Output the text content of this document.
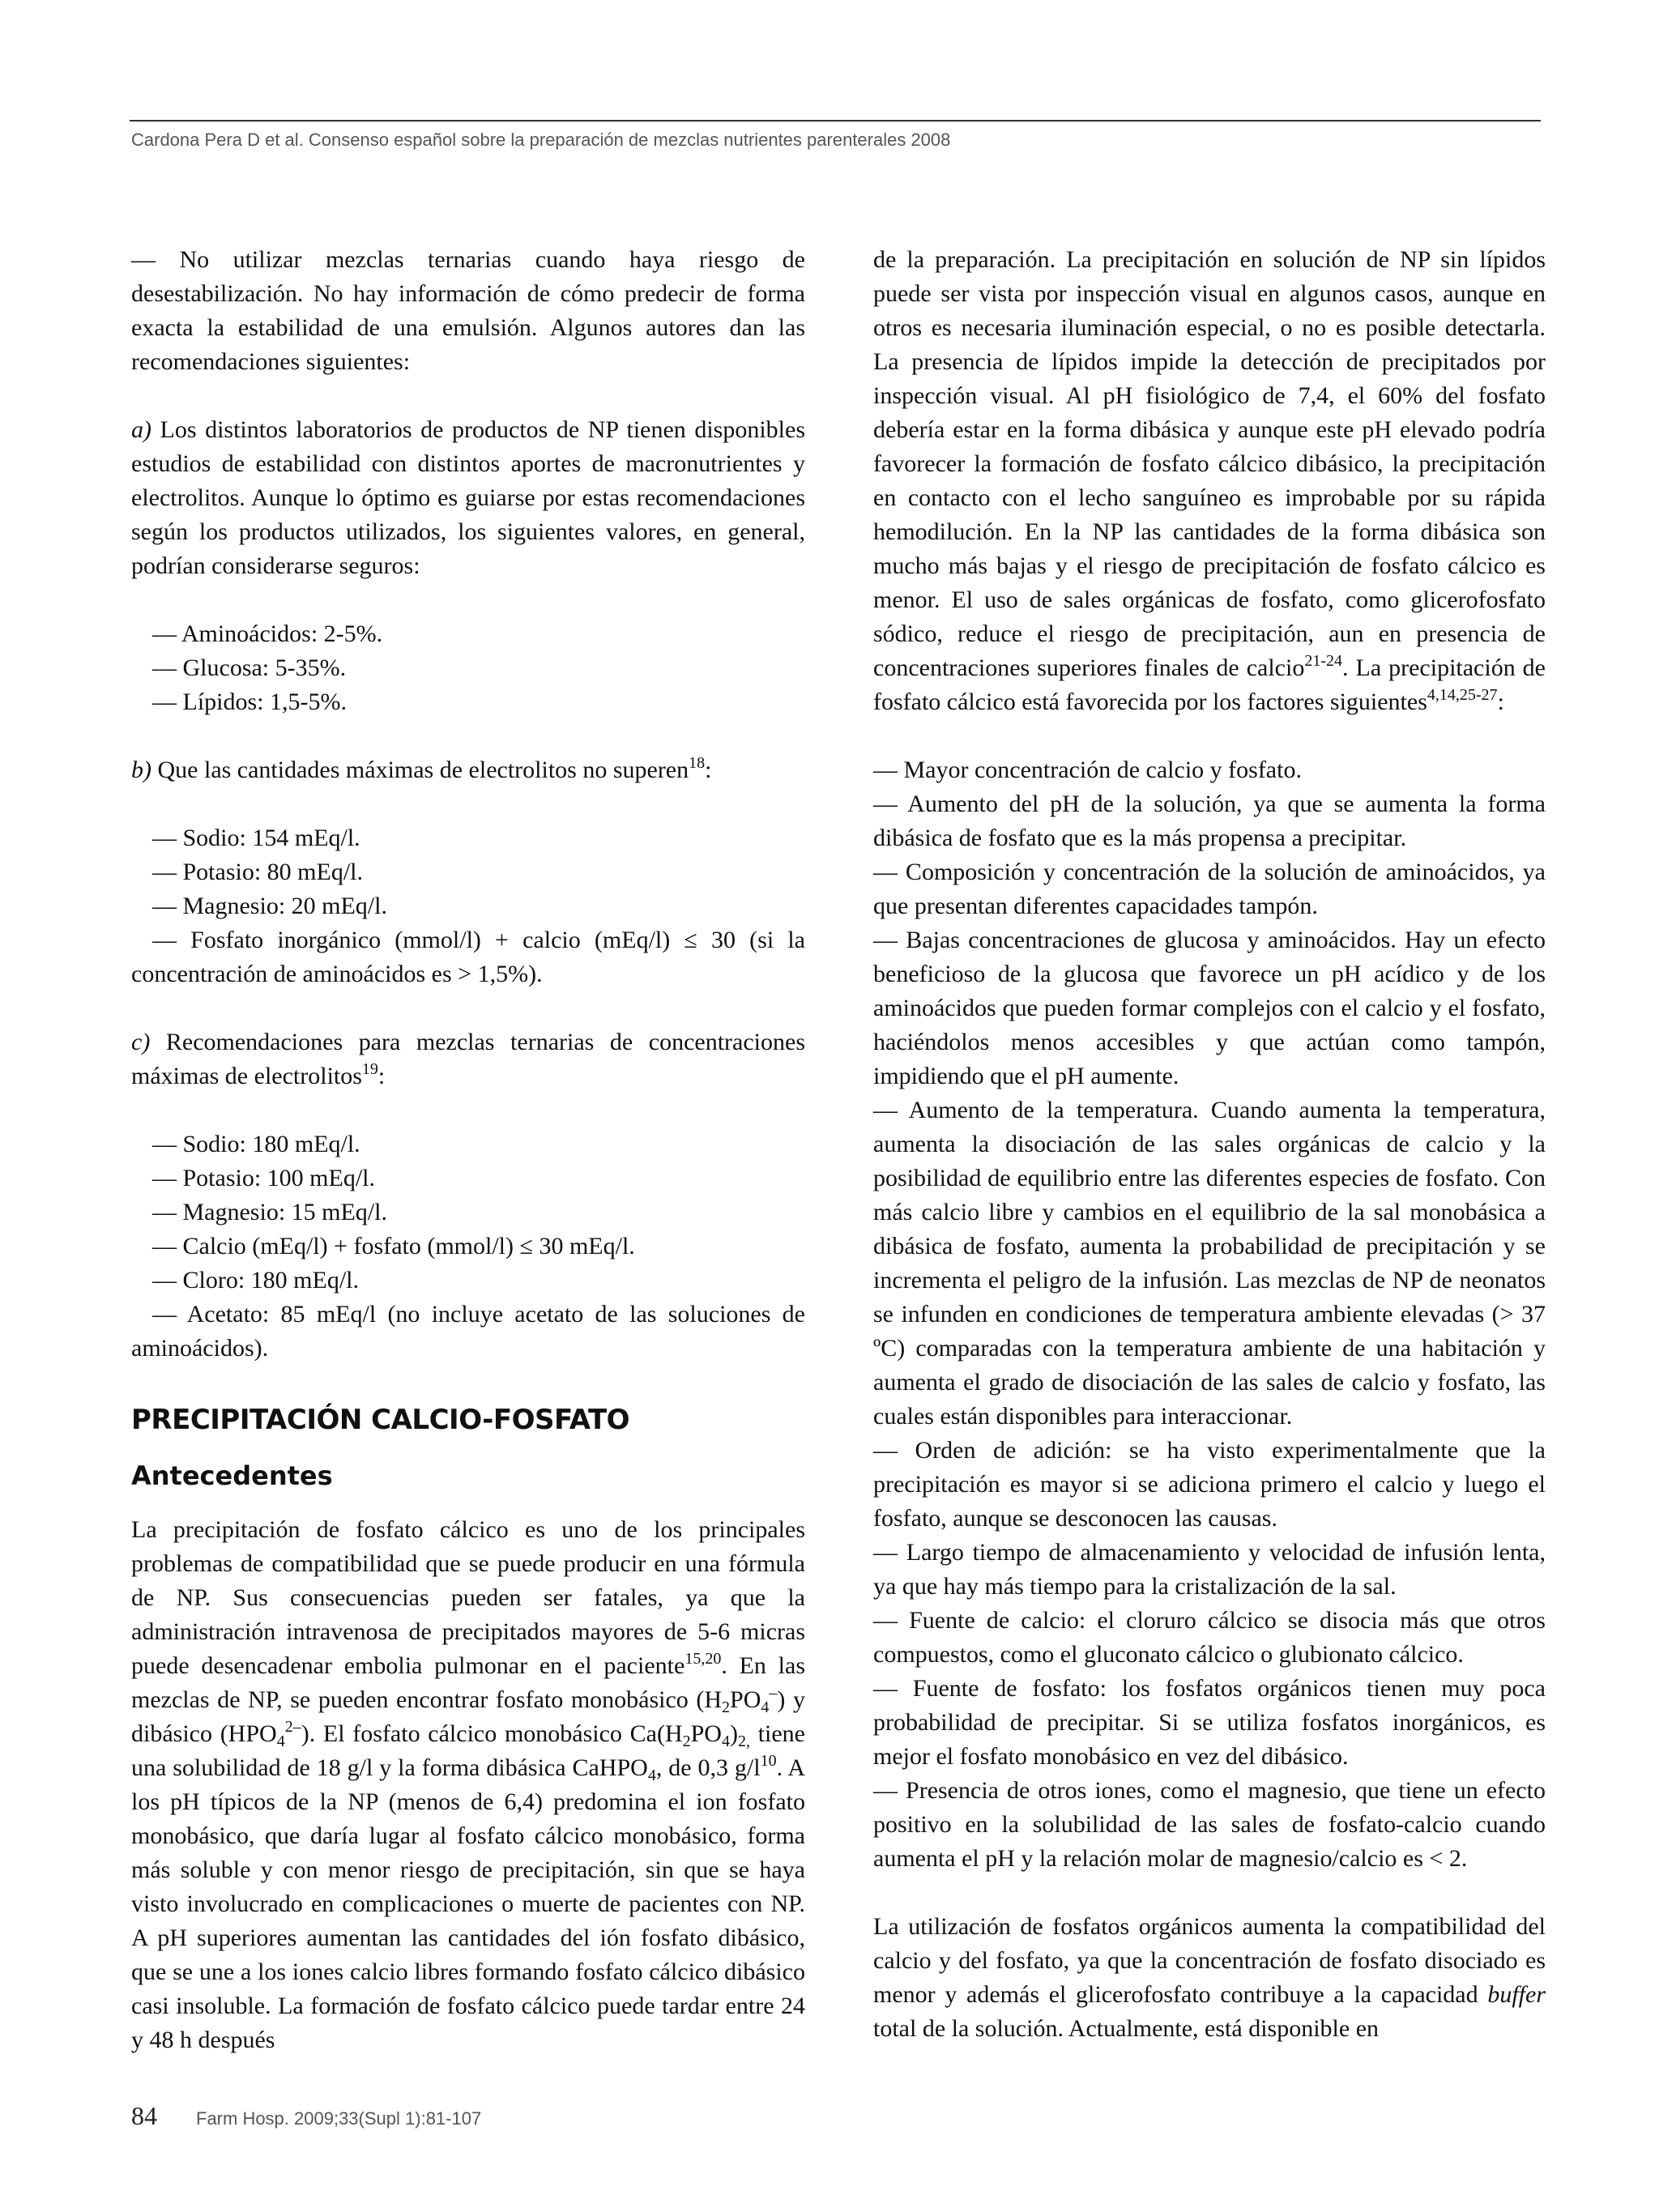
Cardona Pera D et al. Consenso español sobre la preparación de mezclas nutrientes parenterales 2008

— No utilizar mezclas ternarias cuando haya riesgo de desestabilización. No hay información de cómo predecir de forma exacta la estabilidad de una emulsión. Algunos autores dan las recomendaciones siguientes:

a) Los distintos laboratorios de productos de NP tienen disponibles estudios de estabilidad con distintos aportes de macronutrientes y electrolitos. Aunque lo óptimo es guiarse por estas recomendaciones según los productos utilizados, los siguientes valores, en general, podrían considerarse seguros:

— Aminoácidos: 2-5%.

— Glucosa: 5-35%.

— Lípidos: 1,5-5%.

b) Que las cantidades máximas de electrolitos no superen$^{18}$:

— Sodio: 154 mEq/l.

— Potasio: 80 mEq/l.

— Magnesio: 20 mEq/l.

— Fosfato inorgánico (mmol/l) + calcio (mEq/l) ≤ 30 (si la concentración de aminoácidos es > 1,5%).

c) Recomendaciones para mezclas ternarias de concentraciones máximas de electrolitos$^{19}$:

— Sodio: 180 mEq/l.

— Potasio: 100 mEq/l.

— Magnesio: 15 mEq/l.

— Calcio (mEq/l) + fosfato (mmol/l) ≤ 30 mEq/l.

— Cloro: 180 mEq/l.

— Acetato: 85 mEq/l (no incluye acetato de las soluciones de aminoácidos).

PRECIPITACIÓN CALCIO-FOSFATO
Antecedentes

La precipitación de fosfato cálcico es uno de los principales problemas de compatibilidad que se puede producir en una fórmula de NP. Sus consecuencias pueden ser fatales, ya que la administración intravenosa de precipitados mayores de 5-6 micras puede desencadenar embolia pulmonar en el paciente$^{15,20}$. En las mezclas de NP, se pueden encontrar fosfato monobásico $(H_2PO_4^-)$ y dibásico $(HPO_4^{2-})$. El fosfato cálcico monobásico $Ca(H_2PO_4)_{2,}$ tiene una solubilidad de 18 g/l y la forma dibásica CaHPO$_4$, de 0,3 $g/l^{10}$. A los pH típicos de la NP (menos de 6,4) predomina el ion fosfato monobásico, que daría lugar al fosfato cálcico monobásico, forma más soluble y con menor riesgo de precipitación, sin que se haya visto involucrado en complicaciones o muerte de pacientes con NP. A pH superiores aumentan las cantidades del ión fosfato dibásico, que se une a los iones calcio libres formando fosfato cálcico dibásico casi insoluble. La formación de fosfato cálcico puede tardar entre 24 y 48 h después

de la preparación. La precipitación en solución de NP sin lípidos puede ser vista por inspección visual en algunos casos, aunque en otros es necesaria iluminación especial, o no es posible detectarla. La presencia de lípidos impide la detección de precipitados por inspección visual. Al pH fisiológico de 7,4, el 60% del fosfato debería estar en la forma dibásica y aunque este pH elevado podría favorecer la formación de fosfato cálcico dibásico, la precipitación en contacto con el lecho sanguíneo es improbable por su rápida hemodilución. En la NP las cantidades de la forma dibásica son mucho más bajas y el riesgo de precipitación de fosfato cálcico es menor. El uso de sales orgánicas de fosfato, como glicerofosfato sódico, reduce el riesgo de precipitación, aun en presencia de concentraciones superiores finales de calcio$^{21-24}$. La precipitación de fosfato cálcico está favorecida por los factores siguientes$^{4,14,25-27}$:

— Mayor concentración de calcio y fosfato.

— Aumento del pH de la solución, ya que se aumenta la forma dibásica de fosfato que es la más propensa a precipitar.

— Composición y concentración de la solución de aminoácidos, ya que presentan diferentes capacidades tampón.

— Bajas concentraciones de glucosa y aminoácidos. Hay un efecto beneficioso de la glucosa que favorece un pH acídico y de los aminoácidos que pueden formar complejos con el calcio y el fosfato, haciéndolos menos accesibles y que actúan como tampón, impidiendo que el pH aumente.

— Aumento de la temperatura. Cuando aumenta la temperatura, aumenta la disociación de las sales orgánicas de calcio y la posibilidad de equilibrio entre las diferentes especies de fosfato. Con más calcio libre y cambios en el equilibrio de la sal monobásica a dibásica de fosfato, aumenta la probabilidad de precipitación y se incrementa el peligro de la infusión. Las mezclas de NP de neonatos se infunden en condiciones de temperatura ambiente elevadas (> 37 ºC) comparadas con la temperatura ambiente de una habitación y aumenta el grado de disociación de las sales de calcio y fosfato, las cuales están disponibles para interaccionar.

— Orden de adición: se ha visto experimentalmente que la precipitación es mayor si se adiciona primero el calcio y luego el fosfato, aunque se desconocen las causas.

— Largo tiempo de almacenamiento y velocidad de infusión lenta, ya que hay más tiempo para la cristalización de la sal.

— Fuente de calcio: el cloruro cálcico se disocia más que otros compuestos, como el gluconato cálcico o glubionato cálcico.

— Fuente de fosfato: los fosfatos orgánicos tienen muy poca probabilidad de precipitar. Si se utiliza fosfatos inorgánicos, es mejor el fosfato monobásico en vez del dibásico.

— Presencia de otros iones, como el magnesio, que tiene un efecto positivo en la solubilidad de las sales de fosfato-calcio cuando aumenta el pH y la relación molar de magnesio/calcio es < 2.

La utilización de fosfatos orgánicos aumenta la compatibilidad del calcio y del fosfato, ya que la concentración de fosfato disociado es menor y además el glicerofosfato contribuye a la capacidad buffer total de la solución. Actualmente, está disponible en

84 Farm Hosp. 2009;33(Supl 1):81-107
